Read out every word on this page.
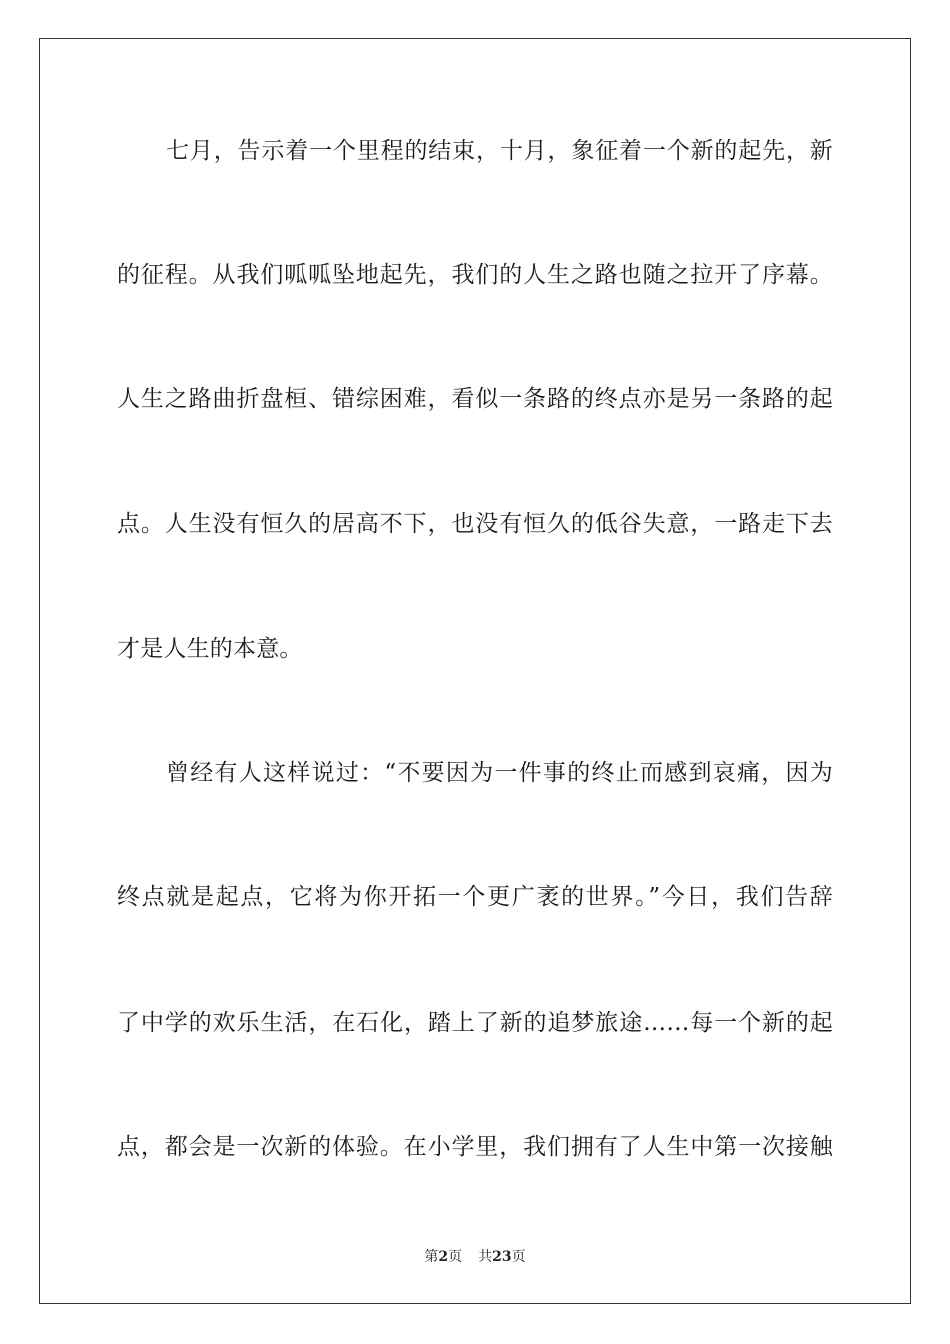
七月，告示着一个里程的结束，十月，象征着一个新的起先，新
的征程。从我们呱呱坠地起先，我们的人生之路也随之拉开了序幕。
人生之路曲折盘桓、错综困难，看似一条路的终点亦是另一条路的起
点。人生没有恒久的居高不下，也没有恒久的低谷失意，一路走下去
才是人生的本意。
曾经有人这样说过：“不要因为一件事的终止而感到哀痛，因为
终点就是起点，它将为你开拓一个更广袤的世界。”今日，我们告辞
了中学的欢乐生活，在石化，踏上了新的追梦旅途……每一个新的起
点，都会是一次新的体验。在小学里，我们拥有了人生中第一次接触
第2页 共23页
